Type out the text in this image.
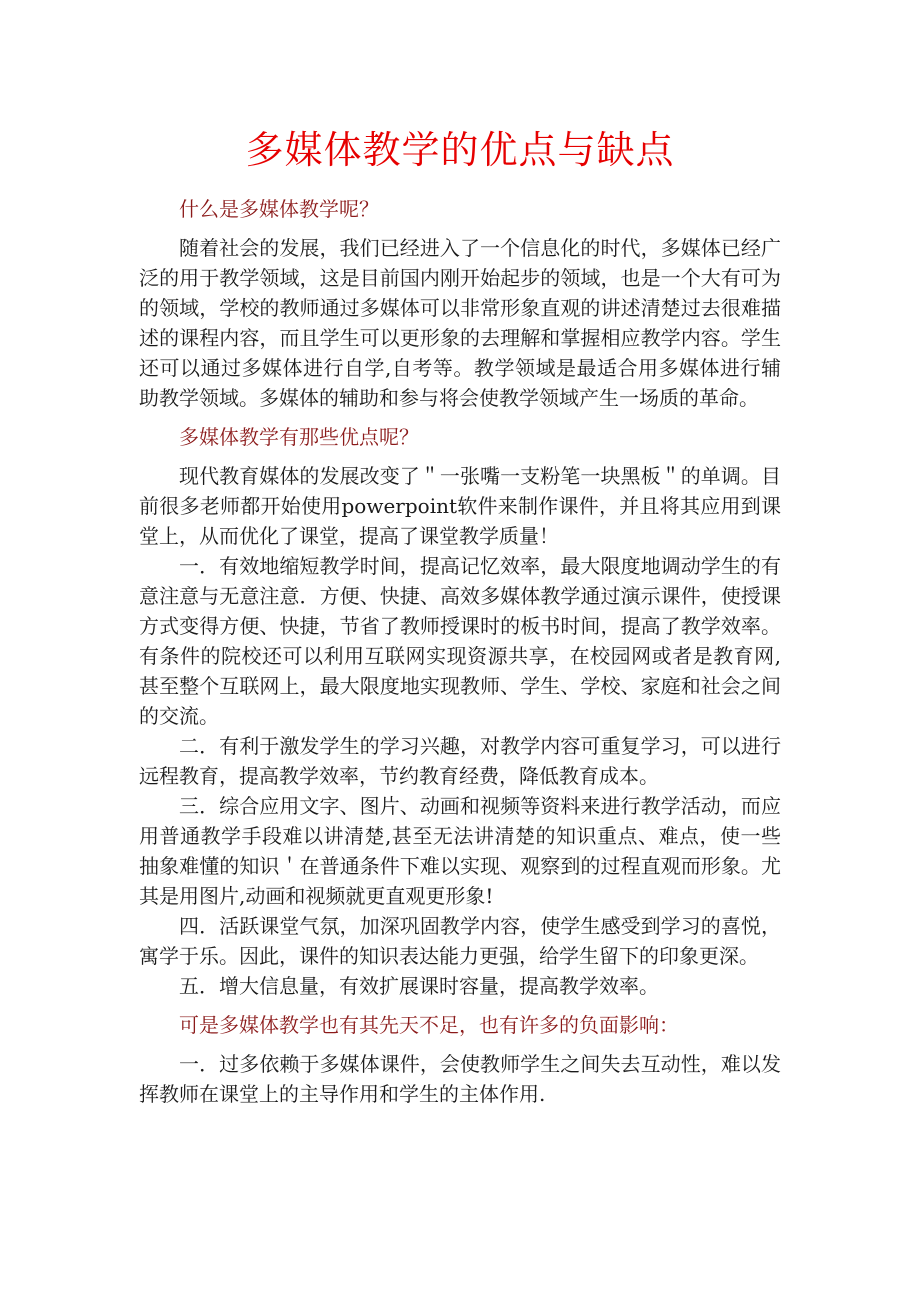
多媒体教学的优点与缺点

什么是多媒体教学呢？

随着社会的发展，我们已经进入了一个信息化的时代，多媒体已经广泛的用于教学领域，这是目前国内刚开始起步的领域，也是一个大有可为的领域，学校的教师通过多媒体可以非常形象直观的讲述清楚过去很难描述的课程内容，而且学生可以更形象的去理解和掌握相应教学内容。学生还可以通过多媒体进行自学,自考等。教学领域是最适合用多媒体进行辅助教学领域。多媒体的辅助和参与将会使教学领域产生一场质的革命。

多媒体教学有那些优点呢？

现代教育媒体的发展改变了＂一张嘴一支粉笔一块黑板＂的单调。目前很多老师都开始使用powerpoint软件来制作课件，并且将其应用到课堂上，从而优化了课堂，提高了课堂教学质量！

一．有效地缩短教学时间，提高记忆效率，最大限度地调动学生的有意注意与无意注意．方便、快捷、高效多媒体教学通过演示课件，使授课方式变得方便、快捷，节省了教师授课时的板书时间，提高了教学效率。有条件的院校还可以利用互联网实现资源共享，在校园网或者是教育网,甚至整个互联网上，最大限度地实现教师、学生、学校、家庭和社会之间的交流。

二．有利于激发学生的学习兴趣，对教学内容可重复学习，可以进行远程教育，提高教学效率，节约教育经费，降低教育成本。

三．综合应用文字、图片、动画和视频等资料来进行教学活动，而应用普通教学手段难以讲清楚,甚至无法讲清楚的知识重点、难点，使一些抽象难懂的知识＇在普通条件下难以实现、观察到的过程直观而形象。尤其是用图片,动画和视频就更直观更形象!

四．活跃课堂气氛，加深巩固教学内容，使学生感受到学习的喜悦，寓学于乐。因此，课件的知识表达能力更强，给学生留下的印象更深。

五．增大信息量，有效扩展课时容量，提高教学效率。

可是多媒体教学也有其先天不足，也有许多的负面影响：

一．过多依赖于多媒体课件，会使教师学生之间失去互动性，难以发挥教师在课堂上的主导作用和学生的主体作用.
